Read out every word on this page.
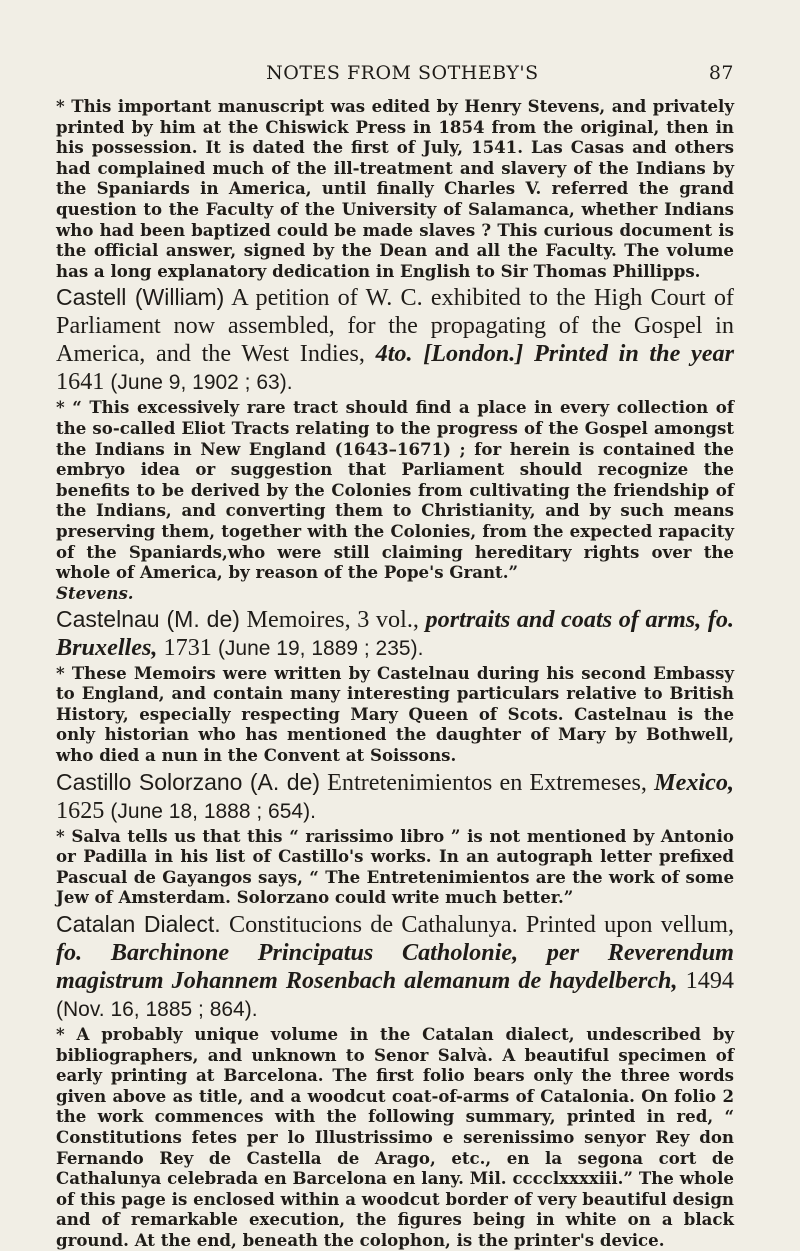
NOTES FROM SOTHEBY'S	87

* This important manuscript was edited by Henry Stevens, and privately printed by him at the Chiswick Press in 1854 from the original, then in his possession. It is dated the first of July, 1541. Las Casas and others had complained much of the ill-treatment and slavery of the Indians by the Spaniards in America, until finally Charles V. referred the grand question to the Faculty of the University of Salamanca, whether Indians who had been baptized could be made slaves ? This curious document is the official answer, signed by the Dean and all the Faculty. The volume has a long explanatory dedication in English to Sir Thomas Phillipps.

Castell (William) A petition of W. C. exhibited to the High Court of Parliament now assembled, for the propagating of the Gospel in America, and the West Indies, 4to. [London.] Printed in the year 1641 (June 9, 1902 ; 63).

* “ This excessively rare tract should find a place in every collection of the so-called Eliot Tracts relating to the progress of the Gospel amongst the Indians in New England (1643–1671) ; for herein is contained the embryo idea or suggestion that Parliament should recognize the benefits to be derived by the Colonies from cultivating the friendship of the Indians, and converting them to Christianity, and by such means preserving them, together with the Colonies, from the expected rapacity of the Spaniards,who were still claiming hereditary rights over the whole of America, by reason of the Pope's Grant.”

Stevens.

Castelnau (M. de) Memoires, 3 vol., portraits and coats of arms, fo. Bruxelles, 1731 (June 19, 1889 ; 235).

* These Memoirs were written by Castelnau during his second Embassy to England, and contain many interesting particulars relative to British History, especially respecting Mary Queen of Scots. Castelnau is the only historian who has mentioned the daughter of Mary by Bothwell, who died a nun in the Convent at Soissons.

Castillo Solorzano (A. de) Entretenimientos en Extremeses, Mexico, 1625 (June 18, 1888 ; 654).

* Salva tells us that this “ rarissimo libro ” is not mentioned by Antonio or Padilla in his list of Castillo's works. In an autograph letter prefixed Pascual de Gayangos says, “ The Entretenimientos are the work of some Jew of Amsterdam. Solorzano could write much better.”

Catalan Dialect. Constitucions de Cathalunya. Printed upon vellum, fo. Barchinone Principatus Catholonie, per Reverendum magistrum Johannem Rosenbach alemanum de haydelberch, 1494 (Nov. 16, 1885 ; 864).

* A probably unique volume in the Catalan dialect, undescribed by bibliographers, and unknown to Senor Salvà. A beautiful specimen of early printing at Barcelona. The first folio bears only the three words given above as title, and a woodcut coat-of-arms of Catalonia. On folio 2 the work commences with the following summary, printed in red, “ Constitutions fetes per lo Illustrissimo e serenissimo senyor Rey don Fernando Rey de Castella de Arago, etc., en la segona cort de Cathalunya celebrada en Barcelona en lany. Mil. cccclxxxxiii.” The whole of this page is enclosed within a woodcut border of very beautiful design and of remarkable execution, the figures being in white on a black ground. At the end, beneath the colophon, is the printer's device.
